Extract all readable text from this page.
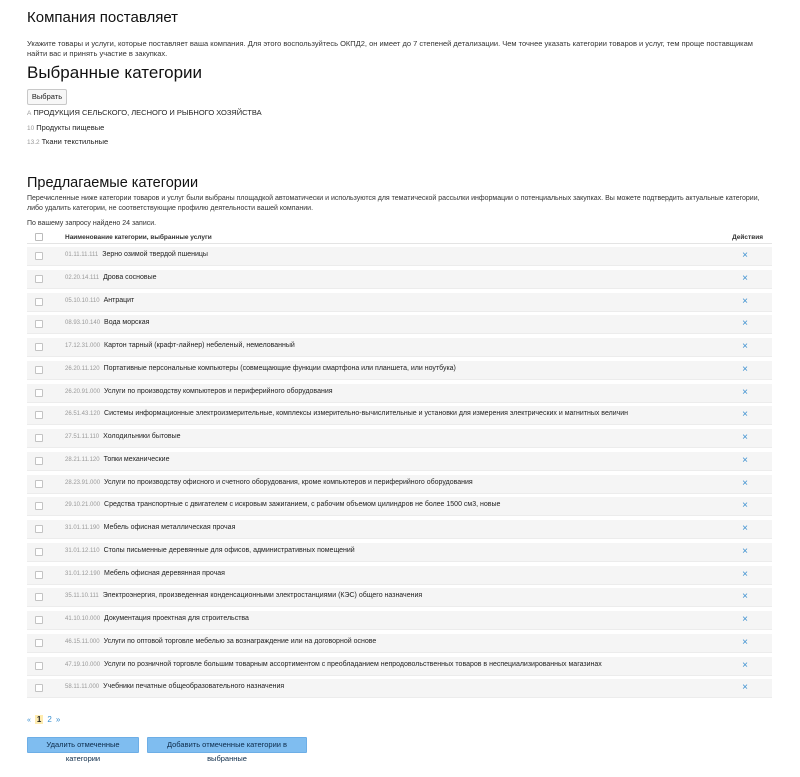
Компания поставляет

Укажите товары и услуги, которые поставляет ваша компания. Для этого воспользуйтесь ОКПД2, он имеет до 7 степеней детализации. Чем точнее указать категории товаров и услуг, тем проще поставщикам найти вас и принять участие в закупках.

Выбранные категории
Выбрать
A ПРОДУКЦИЯ СЕЛЬСКОГО, ЛЕСНОГО И РЫБНОГО ХОЗЯЙСТВА
10 Продукты пищевые
13.2 Ткани текстильные
Предлагаемые категории

Перечисленные ниже категории товаров и услуг были выбраны площадкой автоматически и используются для тематической рассылки информации о потенциальных закупках. Вы можете подтвердить актуальные категории, либо удалить категории, не соответствующие профилю деятельности вашей компании.

По вашему запросу найдено 24 записи.
Наименование категории, выбранные услуги	Действия
01.11.11.111 Зерно озимой твердой пшеницы	×
02.20.14.111 Дрова сосновые	×
05.10.10.110 Антрацит	×
08.93.10.140 Вода морская	×
17.12.31.000 Картон тарный (крафт-лайнер) небеленый, немелованный	×
26.20.11.120 Портативные персональные компьютеры (совмещающие функции смартфона или планшета, или ноутбука)	×
26.20.91.000 Услуги по производству компьютеров и периферийного оборудования	×
26.51.43.120 Системы информационные электроизмерительные, комплексы измерительно-вычислительные и установки для измерения электрических и магнитных величин	×
27.51.11.110 Холодильники бытовые	×
28.21.11.120 Топки механические	×
28.23.91.000 Услуги по производству офисного и счетного оборудования, кроме компьютеров и периферийного оборудования	×
29.10.21.000 Средства транспортные с двигателем с искровым зажиганием, с рабочим объемом цилиндров не более 1500 см3, новые	×
31.01.11.190 Мебель офисная металлическая прочая	×
31.01.12.110 Столы письменные деревянные для офисов, административных помещений	×
31.01.12.190 Мебель офисная деревянная прочая	×
35.11.10.111 Электроэнергия, произведенная конденсационными электростанциями (КЭС) общего назначения	×
41.10.10.000 Документация проектная для строительства	×
46.15.11.000 Услуги по оптовой торговле мебелью за вознаграждение или на договорной основе	×
47.19.10.000 Услуги по розничной торговле большим товарным ассортиментом с преобладанием непродовольственных товаров в неспециализированных магазинах	×
58.11.11.000 Учебники печатные общеобразовательного назначения	×
« 1 2 »
Удалить отмеченные категории
Добавить отмеченные категории в выбранные
